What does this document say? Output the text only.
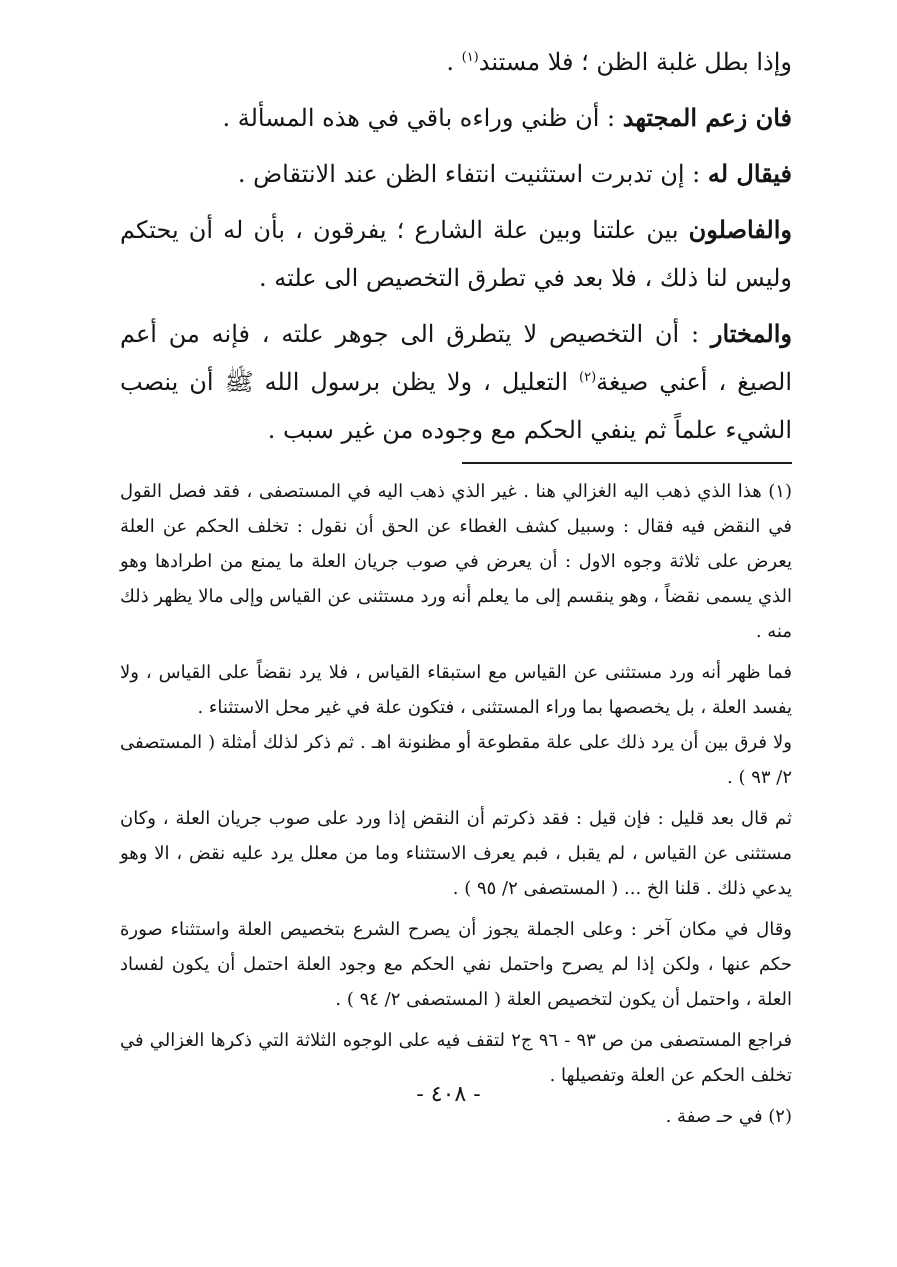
وإذا بطل غلبة الظن ؛ فلا مستند$^{(١)}$ .

فان زعم المجتهد : أن ظني وراءه باقي في هذه المسألة .

فيقال له : إن تدبرت استثنيت انتفاء الظن عند الانتقاض .

والفاصلون بين علتنا وبين علة الشارع ؛ يفرقون ، بأن له أن يحتكم وليس لنا ذلك ، فلا بعد في تطرق التخصيص الى علته .

والمختار : أن التخصيص لا يتطرق الى جوهر علته ، فإنه من أعم الصيغ ، أعني صيغة$^{(٢)}$ التعليل ، ولا يظن برسول الله ﷺ أن ينصب الشيء علماً ثم ينفي الحكم مع وجوده من غير سبب .

(١) هذا الذي ذهب اليه الغزالي هنا . غير الذي ذهب اليه في المستصفى ، فقد فصل القول في النقض فيه فقال : وسبيل كشف الغطاء عن الحق أن نقول : تخلف الحكم عن العلة يعرض على ثلاثة وجوه الاول : أن يعرض في صوب جريان العلة ما يمنع من اطرادها وهو الذي يسمى نقضاً ، وهو ينقسم إلى ما يعلم أنه ورد مستثنى عن القياس وإلى مالا يظهر ذلك منه .

فما ظهر أنه ورد مستثنى عن القياس مع استبقاء القياس ، فلا يرد نقضاً على القياس ، ولا يفسد العلة ، بل يخصصها بما وراء المستثنى ، فتكون علة في غير محل الاستثناء .

ولا فرق بين أن يرد ذلك على علة مقطوعة أو مظنونة اهـ . ثم ذكر لذلك أمثلة ( المستصفى ٢/ ٩٣ ) .

ثم قال بعد قليل : فإن قيل : فقد ذكرتم أن النقض إذا ورد على صوب جريان العلة ، وكان مستثنى عن القياس ، لم يقبل ، فبم يعرف الاستثناء وما من معلل يرد عليه نقض ، الا وهو يدعي ذلك . قلنا الخ ... ( المستصفى ٢/ ٩٥ ) .

وقال في مكان آخر : وعلى الجملة يجوز أن يصرح الشرع بتخصيص العلة واستثناء صورة حكم عنها ، ولكن إذا لم يصرح واحتمل نفي الحكم مع وجود العلة احتمل أن يكون لفساد العلة ، واحتمل أن يكون لتخصيص العلة ( المستصفى ٢/ ٩٤ ) .

فراجع المستصفى من ص ٩٣ - ٩٦ ج٢ لتقف فيه على الوجوه الثلاثة التي ذكرها الغزالي في تخلف الحكم عن العلة وتفصيلها .

(٢) في حـ صفة .

- ٤٠٨ -
